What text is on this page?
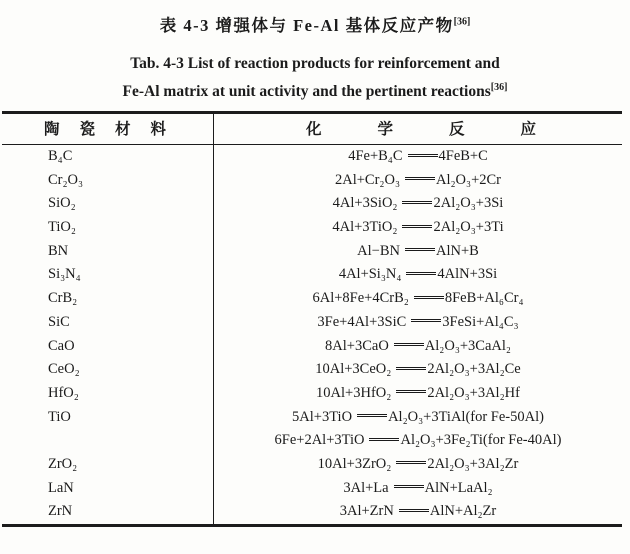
表 4-3 增强体与 Fe-Al 基体反应产物[36]
Tab. 4-3 List of reaction products for reinforcement and
Fe-Al matrix at unit activity and the pertinent reactions[36]
陶瓷材料	化学反应
B₄C	4Fe+B₄C 4FeB+C
Cr₂O₃	2Al+Cr₂O₃ Al₂O₃+2Cr
SiO₂	4Al+3SiO₂ 2Al₂O₃+3Si
TiO₂	4Al+3TiO₂ 2Al₂O₃+3Ti
BN	Al−BN AlN+B
Si₃N₄	4Al+Si₃N₄ 4AlN+3Si
CrB₂	6Al+8Fe+4CrB₂ 8FeB+Al₆Cr₄
SiC	3Fe+4Al+3SiC 3FeSi+Al₄C₃
CaO	8Al+3CaO Al₂O₃+3CaAl₂
CeO₂	10Al+3CeO₂ 2Al₂O₃+3Al₂Ce
HfO₂	10Al+3HfO₂ 2Al₂O₃+3Al₂Hf
TiO	5Al+3TiO Al₂O₃+3TiAl(for Fe-50Al)
6Fe+2Al+3TiO Al₂O₃+3Fe₂Ti(for Fe-40Al)
ZrO₂	10Al+3ZrO₂ 2Al₂O₃+3Al₂Zr
LaN	3Al+La AlN+LaAl₂
ZrN	3Al+ZrN AlN+Al₂Zr
